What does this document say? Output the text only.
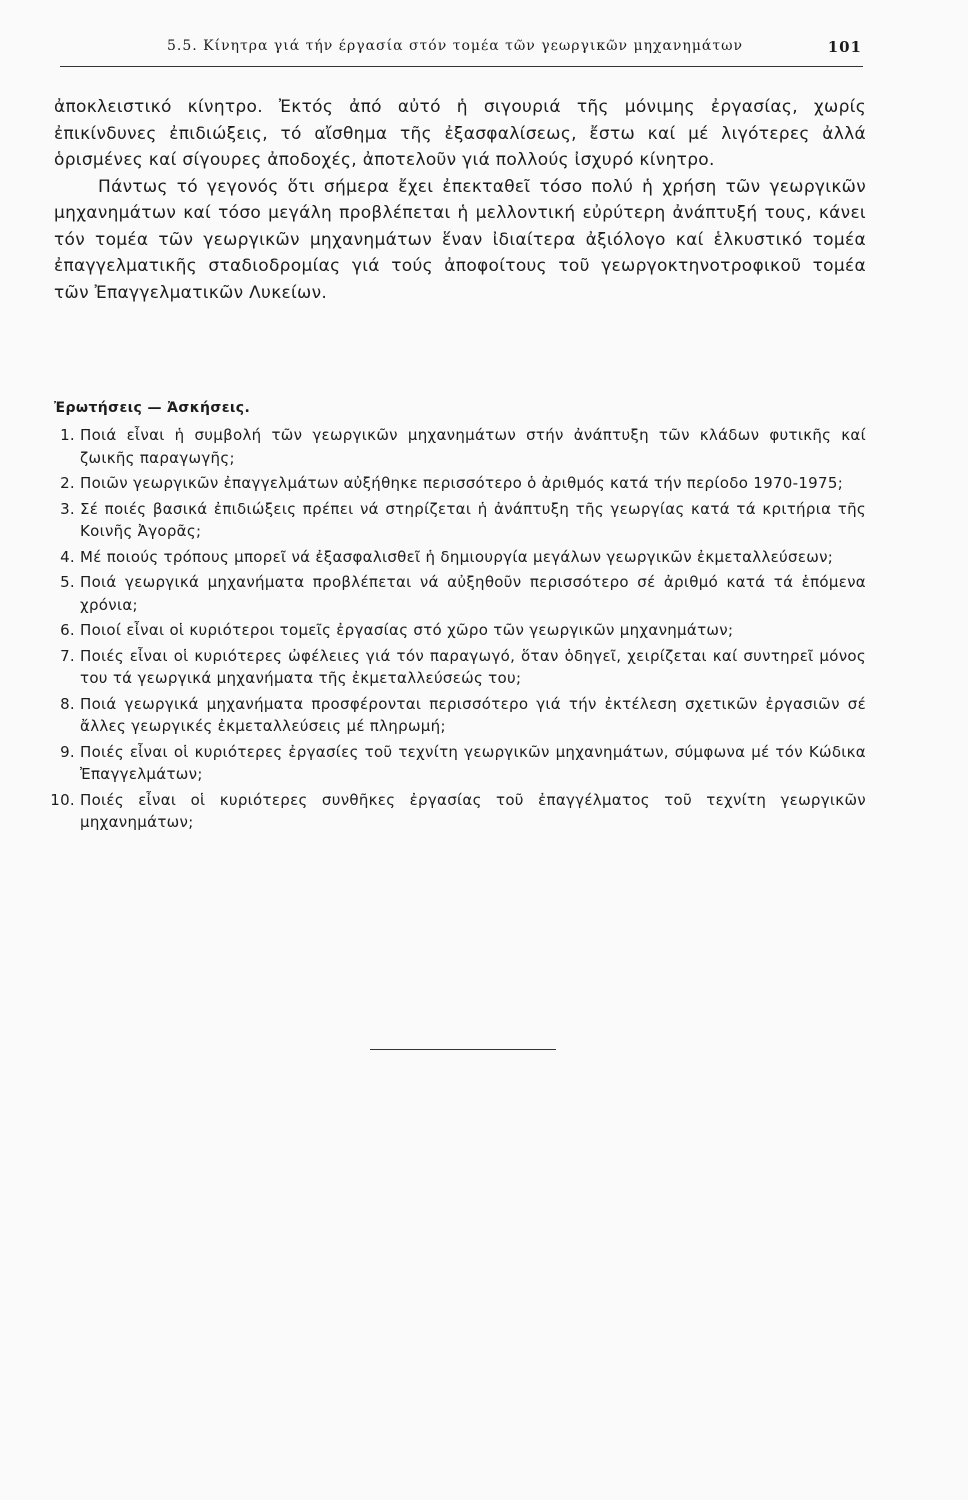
5.5. Κίνητρα γιά τήν έργασία στόν τομέα τῶν γεωργικῶν μηχανημάτων	101

ἀποκλειστικό κίνητρο. Ἐκτός ἀπό αὐτό ἡ σιγουριά τῆς μόνιμης ἐργασίας, χωρίς ἐπικίνδυνες ἐπιδιώξεις, τό αἴσθημα τῆς ἐξασφαλίσεως, ἔστω καί μέ λιγότερες ἀλλά ὁρισμένες καί σίγουρες ἀποδοχές, ἀποτελοῦν γιά πολλούς ἰσχυρό κίνητρο.

Πάντως τό γεγονός ὅτι σήμερα ἔχει ἐπεκταθεῖ τόσο πολύ ἡ χρήση τῶν γεωργικῶν μηχανημάτων καί τόσο μεγάλη προβλέπεται ἡ μελλοντική εὐρύτερη ἀνάπτυξή τους, κάνει τόν τομέα τῶν γεωργικῶν μηχανημάτων ἕναν ἰδιαίτερα ἀξιόλογο καί ἑλκυστικό τομέα ἐπαγγελματικῆς σταδιοδρομίας γιά τούς ἀποφοίτους τοῦ γεωργοκτηνοτροφικοῦ τομέα τῶν Ἐπαγγελματικῶν Λυκείων.

Ἐρωτήσεις — Ἀσκήσεις.
1. Ποιά εἶναι ἡ συμβολή τῶν γεωργικῶν μηχανημάτων στήν ἀνάπτυξη τῶν κλάδων φυτικῆς καί ζωικῆς παραγωγῆς;
2. Ποιῶν γεωργικῶν ἐπαγγελμάτων αὐξήθηκε περισσότερο ὁ ἀριθμός κατά τήν περίοδο 1970-1975;
3. Σέ ποιές βασικά ἐπιδιώξεις πρέπει νά στηρίζεται ἡ ἀνάπτυξη τῆς γεωργίας κατά τά κριτήρια τῆς Κοινῆς Ἀγορᾶς;
4. Μέ ποιούς τρόπους μπορεῖ νά ἐξασφαλισθεῖ ἡ δημιουργία μεγάλων γεωργικῶν ἐκμεταλλεύσεων;
5. Ποιά γεωργικά μηχανήματα προβλέπεται νά αὐξηθοῦν περισσότερο σέ ἀριθμό κατά τά ἑπόμενα χρόνια;
6. Ποιοί εἶναι οἱ κυριότεροι τομεῖς ἐργασίας στό χῶρο τῶν γεωργικῶν μηχανημάτων;
7. Ποιές εἶναι οἱ κυριότερες ὠφέλειες γιά τόν παραγωγό, ὅταν ὁδηγεῖ, χειρίζεται καί συντηρεῖ μόνος του τά γεωργικά μηχανήματα τῆς ἐκμεταλλεύσεώς του;
8. Ποιά γεωργικά μηχανήματα προσφέρονται περισσότερο γιά τήν ἐκτέλεση σχετικῶν ἐργασιῶν σέ ἄλλες γεωργικές ἐκμεταλλεύσεις μέ πληρωμή;
9. Ποιές εἶναι οἱ κυριότερες ἐργασίες τοῦ τεχνίτη γεωργικῶν μηχανημάτων, σύμφωνα μέ τόν Κώδικα Ἐπαγγελμάτων;
10. Ποιές εἶναι οἱ κυριότερες συνθῆκες ἐργασίας τοῦ ἐπαγγέλματος τοῦ τεχνίτη γεωργικῶν μηχανημάτων;
